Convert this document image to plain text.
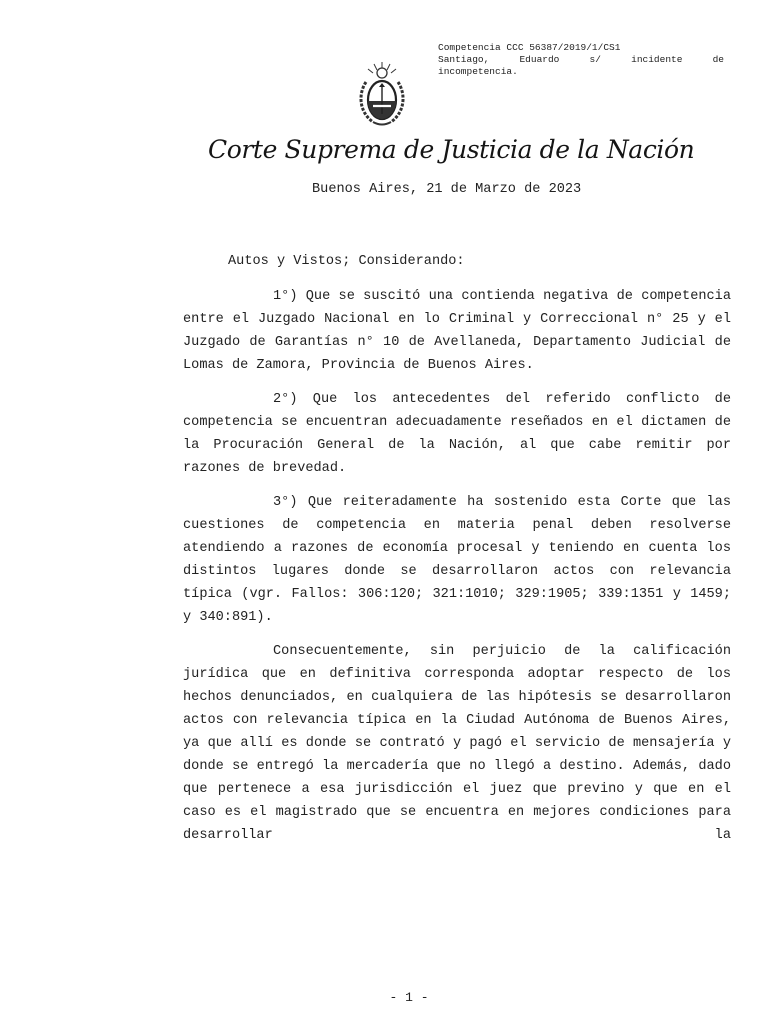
Competencia CCC 56387/2019/1/CS1
Santiago, Eduardo s/ incidente de
incompetencia.
Corte Suprema de Justicia de la Nación
Buenos Aires, 21 de Marzo de 2023

Autos y Vistos; Considerando:

1°) Que se suscitó una contienda negativa de competencia entre el Juzgado Nacional en lo Criminal y Correccional n° 25 y el Juzgado de Garantías n° 10 de Avellaneda, Departamento Judicial de Lomas de Zamora, Provincia de Buenos Aires.

2°) Que los antecedentes del referido conflicto de competencia se encuentran adecuadamente reseñados en el dictamen de la Procuración General de la Nación, al que cabe remitir por razones de brevedad.

3°) Que reiteradamente ha sostenido esta Corte que las cuestiones de competencia en materia penal deben resolverse atendiendo a razones de economía procesal y teniendo en cuenta los distintos lugares donde se desarrollaron actos con relevancia típica (vgr. Fallos: 306:120; 321:1010; 329:1905; 339:1351 y 1459; y 340:891).

Consecuentemente, sin perjuicio de la calificación jurídica que en definitiva corresponda adoptar respecto de los hechos denunciados, en cualquiera de las hipótesis se desarrollaron actos con relevancia típica en la Ciudad Autónoma de Buenos Aires, ya que allí es donde se contrató y pagó el servicio de mensajería y donde se entregó la mercadería que no llegó a destino. Además, dado que pertenece a esa jurisdicción el juez que previno y que en el caso es el magistrado que se encuentra en mejores condiciones para desarrollar la

- 1 -
